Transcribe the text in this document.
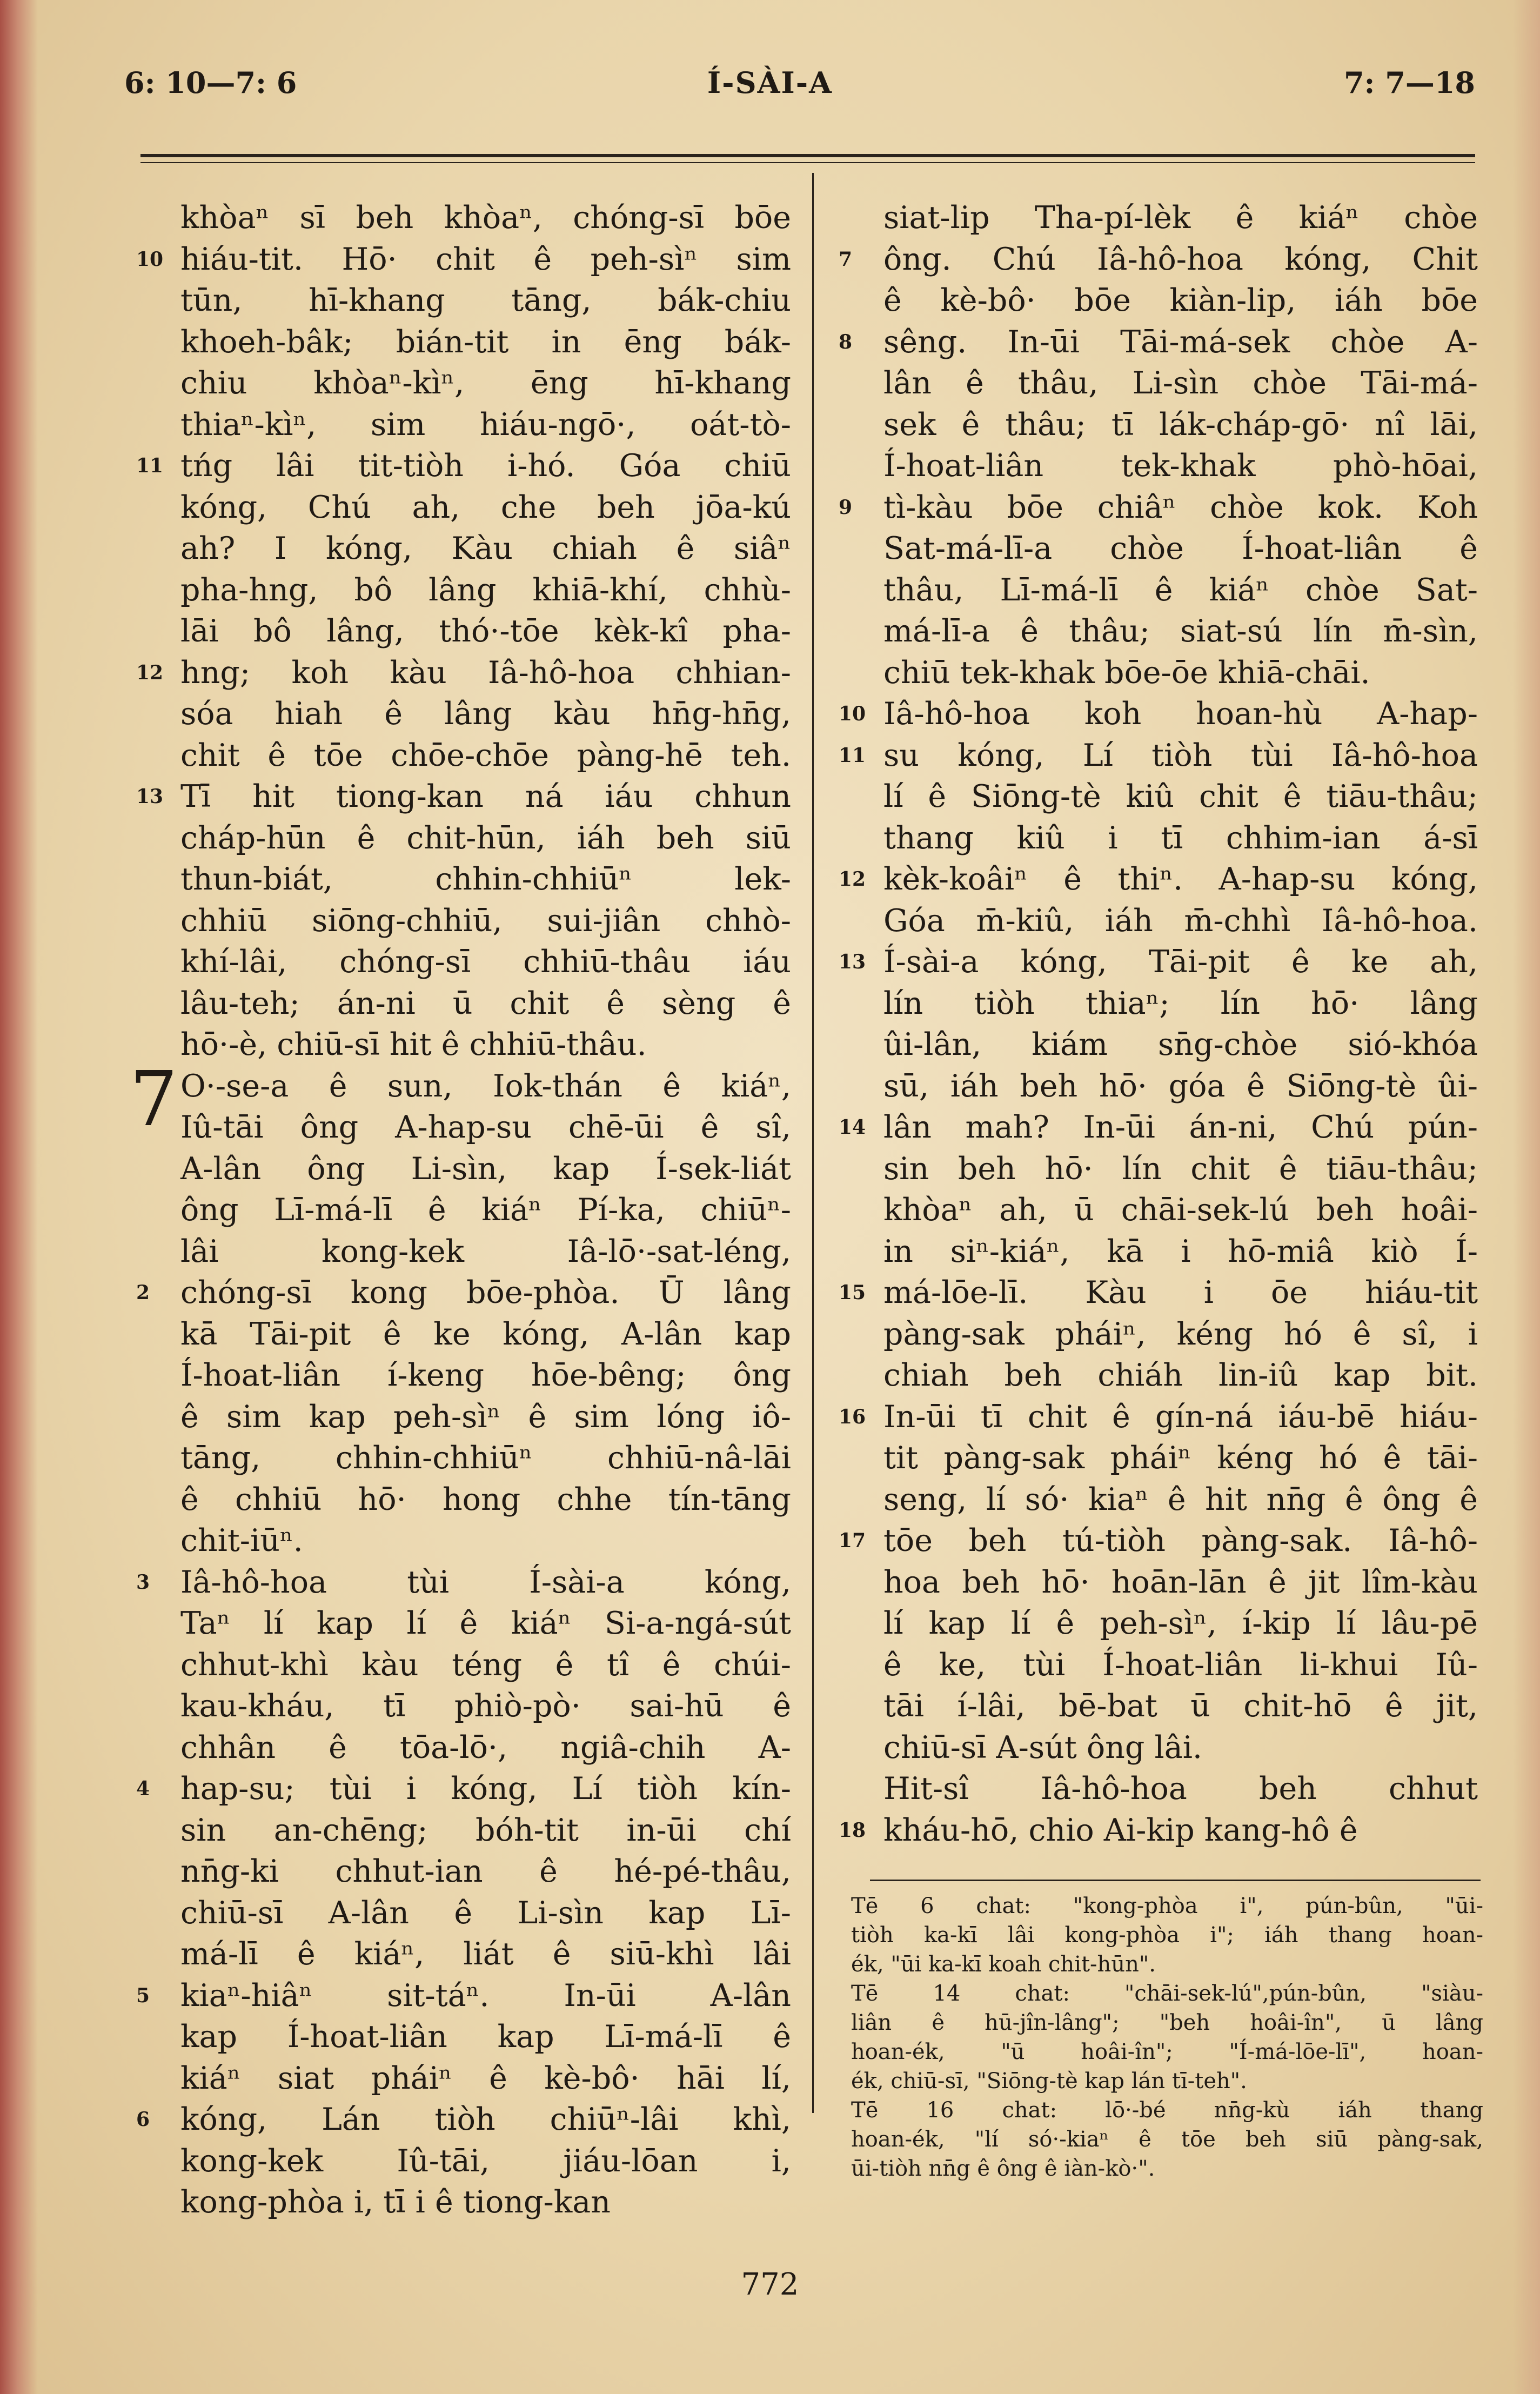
6: 10—7: 6	Í-SÀI-A	7: 7—18
7
10
11
12
13
2
3
4
5
6
7
8
9
10
11
12
13
14
15
16
17
18
khòaⁿ sī beh khòaⁿ, chóng-sī bōe
hiáu-tit. Hō· chit ê peh-sìⁿ sim
tūn, hī-khang tāng, bák-chiu
khoeh-bâk; bián-tit in ēng bák-
chiu khòaⁿ-kìⁿ, ēng hī-khang
thiaⁿ-kìⁿ, sim hiáu-ngō·, oát-tò-
tńg lâi tit-tiòh i-hó. Góa chiū
kóng, Chú ah, che beh jōa-kú
ah? I kóng, Kàu chiah ê siâⁿ
pha-hng, bô lâng khiā-khí, chhù-
lāi bô lâng, thó·-tōe kèk-kî pha-
hng; koh kàu Iâ-hô-hoa chhian-
sóa hiah ê lâng kàu hn̄g-hn̄g,
chit ê tōe chōe-chōe pàng-hē teh.
Tī hit tiong-kan ná iáu chhun
cháp-hūn ê chit-hūn, iáh beh siū
thun-biát, chhin-chhiūⁿ lek-
chhiū siōng-chhiū, sui-jiân chhò-
khí-lâi, chóng-sī chhiū-thâu iáu
lâu-teh; án-ni ū chit ê sèng ê
hō·-è, chiū-sī hit ê chhiū-thâu.
O·-se-a ê sun, Iok-thán ê kiáⁿ,
Iû-tāi ông A-hap-su chē-ūi ê sî,
A-lân ông Li-sìn, kap Í-sek-liát
ông Lī-má-lī ê kiáⁿ Pí-ka, chiūⁿ-
lâi kong-kek Iâ-lō·-sat-léng,
chóng-sī kong bōe-phòa. Ū lâng
kā Tāi-pit ê ke kóng, A-lân kap
Í-hoat-liân í-keng hōe-bêng; ông
ê sim kap peh-sìⁿ ê sim lóng iô-
tāng, chhin-chhiūⁿ chhiū-nâ-lāi
ê chhiū hō· hong chhe tín-tāng
chit-iūⁿ.
Iâ-hô-hoa tùi Í-sài-a kóng,
Taⁿ lí kap lí ê kiáⁿ Si-a-ngá-sút
chhut-khì kàu téng ê tî ê chúi-
kau-kháu, tī phiò-pò· sai-hū ê
chhân ê tōa-lō·, ngiâ-chih A-
hap-su; tùi i kóng, Lí tiòh kín-
sin an-chēng; bóh-tit in-ūi chí
nn̄g-ki chhut-ian ê hé-pé-thâu,
chiū-sī A-lân ê Li-sìn kap Lī-
má-lī ê kiáⁿ, liát ê siū-khì lâi
kiaⁿ-hiâⁿ sit-táⁿ. In-ūi A-lân
kap Í-hoat-liân kap Lī-má-lī ê
kiáⁿ siat pháiⁿ ê kè-bô· hāi lí,
kóng, Lán tiòh chiūⁿ-lâi khì,
kong-kek Iû-tāi, jiáu-lōan i,
kong-phòa i, tī i ê tiong-kan
siat-lip Tha-pí-lèk ê kiáⁿ chòe
ông. Chú Iâ-hô-hoa kóng, Chit
ê kè-bô· bōe kiàn-lip, iáh bōe
sêng. In-ūi Tāi-má-sek chòe A-
lân ê thâu, Li-sìn chòe Tāi-má-
sek ê thâu; tī lák-cháp-gō· nî lāi,
Í-hoat-liân tek-khak phò-hōai,
tì-kàu bōe chiâⁿ chòe kok. Koh
Sat-má-lī-a chòe Í-hoat-liân ê
thâu, Lī-má-lī ê kiáⁿ chòe Sat-
má-lī-a ê thâu; siat-sú lín m̄-sìn,
chiū tek-khak bōe-ōe khiā-chāi.
Iâ-hô-hoa koh hoan-hù A-hap-
su kóng, Lí tiòh tùi Iâ-hô-hoa
lí ê Siōng-tè kiû chit ê tiāu-thâu;
thang kiû i tī chhim-ian á-sī
kèk-koâiⁿ ê thiⁿ. A-hap-su kóng,
Góa m̄-kiû, iáh m̄-chhì Iâ-hô-hoa.
Í-sài-a kóng, Tāi-pit ê ke ah,
lín tiòh thiaⁿ; lín hō· lâng
ûi-lân, kiám sn̄g-chòe sió-khóa
sū, iáh beh hō· góa ê Siōng-tè ûi-
lân mah? In-ūi án-ni, Chú pún-
sin beh hō· lín chit ê tiāu-thâu;
khòaⁿ ah, ū chāi-sek-lú beh hoâi-
in siⁿ-kiáⁿ, kā i hō-miâ kiò Í-
má-lōe-lī. Kàu i ōe hiáu-tit
pàng-sak pháiⁿ, kéng hó ê sî, i
chiah beh chiáh lin-iû kap bit.
In-ūi tī chit ê gín-ná iáu-bē hiáu-
tit pàng-sak pháiⁿ kéng hó ê tāi-
seng, lí só· kiaⁿ ê hit nn̄g ê ông ê
tōe beh tú-tiòh pàng-sak. Iâ-hô-
hoa beh hō· hoān-lān ê jit lîm-kàu
lí kap lí ê peh-sìⁿ, í-kip lí lâu-pē
ê ke, tùi Í-hoat-liân li-khui Iû-
tāi í-lâi, bē-bat ū chit-hō ê jit,
chiū-sī A-sút ông lâi.
Hit-sî Iâ-hô-hoa beh chhut
kháu-hō, chio Ai-kip kang-hô ê
Tē 6 chat: "kong-phòa i", pún-bûn, "ūi-
tiòh ka-kī lâi kong-phòa i"; iáh thang hoan-
ék, "ūi ka-kī koah chit-hūn".
Tē 14 chat: "chāi-sek-lú",pún-bûn, "siàu-
liân ê hū-jîn-lâng"; "beh hoâi-în", ū lâng
hoan-ék, "ū hoâi-în"; "Í-má-lōe-lī", hoan-
ék, chiū-sī, "Siōng-tè kap lán tī-teh".
Tē 16 chat: lō·-bé nn̄g-kù iáh thang
hoan-ék, "lí só·-kiaⁿ ê tōe beh siū pàng-sak,
ūi-tiòh nn̄g ê ông ê iàn-kò·".
772
